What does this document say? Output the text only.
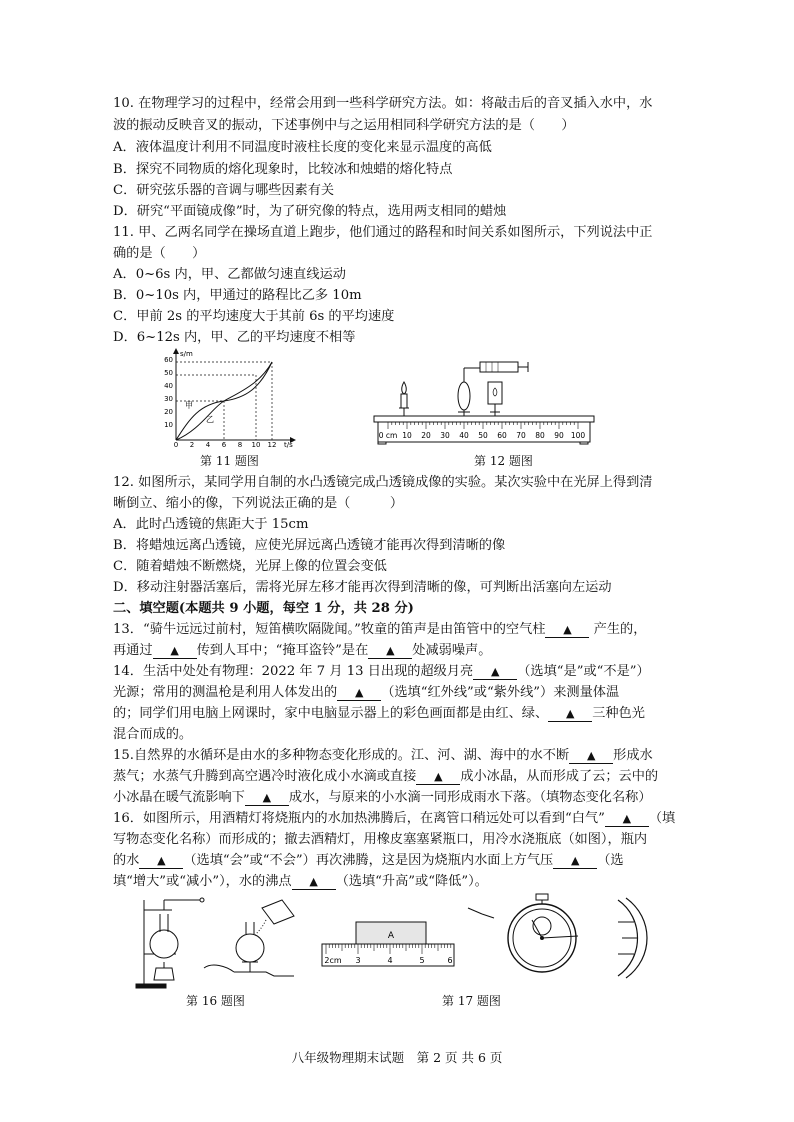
10. 在物理学习的过程中，经常会用到一些科学研究方法。如：将敲击后的音叉插入水中，水
波的振动反映音叉的振动，下述事例中与之运用相同科学研究方法的是（　　）
A．液体温度计利用不同温度时液柱长度的变化来显示温度的高低
B．探究不同物质的熔化现象时，比较冰和烛蜡的熔化特点
C．研究弦乐器的音调与哪些因素有关
D．研究“平面镜成像”时，为了研究像的特点，选用两支相同的蜡烛
11. 甲、乙两名同学在操场直道上跑步，他们通过的路程和时间关系如图所示，下列说法中正
确的是（　　）
A．0~6s 内，甲、乙都做匀速直线运动
B．0~10s 内，甲通过的路程比乙多 10m
C．甲前 2s 的平均速度大于其前 6s 的平均速度
D．6~12s 内，甲、乙的平均速度不相等
s/m
t/s
10
20
30
40
50
60
0 2 4 6 8 10 12
甲
乙
0 cm 10 20 30 40 50 60 70 80 90 100
第 11 题图	第 12 题图
12. 如图所示，某同学用自制的水凸透镜完成凸透镜成像的实验。某次实验中在光屏上得到清
晰倒立、缩小的像，下列说法正确的是（　　　）
A．此时凸透镜的焦距大于 15cm
B．将蜡烛远离凸透镜，应使光屏远离凸透镜才能再次得到清晰的像
C．随着蜡烛不断燃烧，光屏上像的位置会变低
D．移动注射器活塞后，需将光屏左移才能再次得到清晰的像，可判断出活塞向左运动
二、填空题(本题共 9 小题，每空 1 分，共 28 分)
13．“骑牛远远过前村，短笛横吹隔陇闻。”牧童的笛声是由笛管中的空气柱 ▲ 产生的，
再通过 ▲ 传到人耳中；“掩耳盗铃”是在 ▲ 处减弱噪声。
14．生活中处处有物理：2022 年 7 月 13 日出现的超级月亮 ▲ （选填“是”或“不是”）
光源；常用的测温枪是利用人体发出的 ▲ （选填“红外线”或“紫外线”）来测量体温
的；同学们用电脑上网课时，家中电脑显示器上的彩色画面都是由红、绿、 ▲ 三种色光
混合而成的。
15.自然界的水循环是由水的多种物态变化形成的。江、河、湖、海中的水不断 ▲ 形成水
蒸气；水蒸气升腾到高空遇冷时液化成小水滴或直接 ▲ 成小冰晶，从而形成了云；云中的
小冰晶在暖气流影响下 ▲ 成水，与原来的小水滴一同形成雨水下落。（填物态变化名称）
16．如图所示，用酒精灯将烧瓶内的水加热沸腾后，在离管口稍远处可以看到“白气” ▲ （填
写物态变化名称）而形成的；撤去酒精灯，用橡皮塞塞紧瓶口，用冷水浇瓶底（如图），瓶内
的水 ▲ （选填“会”或“不会”）再次沸腾，这是因为烧瓶内水面上方气压 ▲ （选
填“增大”或“减小”），水的沸点 ▲ （选填“升高”或“降低”）。
A
2cm 3	4	5	6
第 16 题图	第 17 题图
八年级物理期末试题　第 2 页 共 6 页
